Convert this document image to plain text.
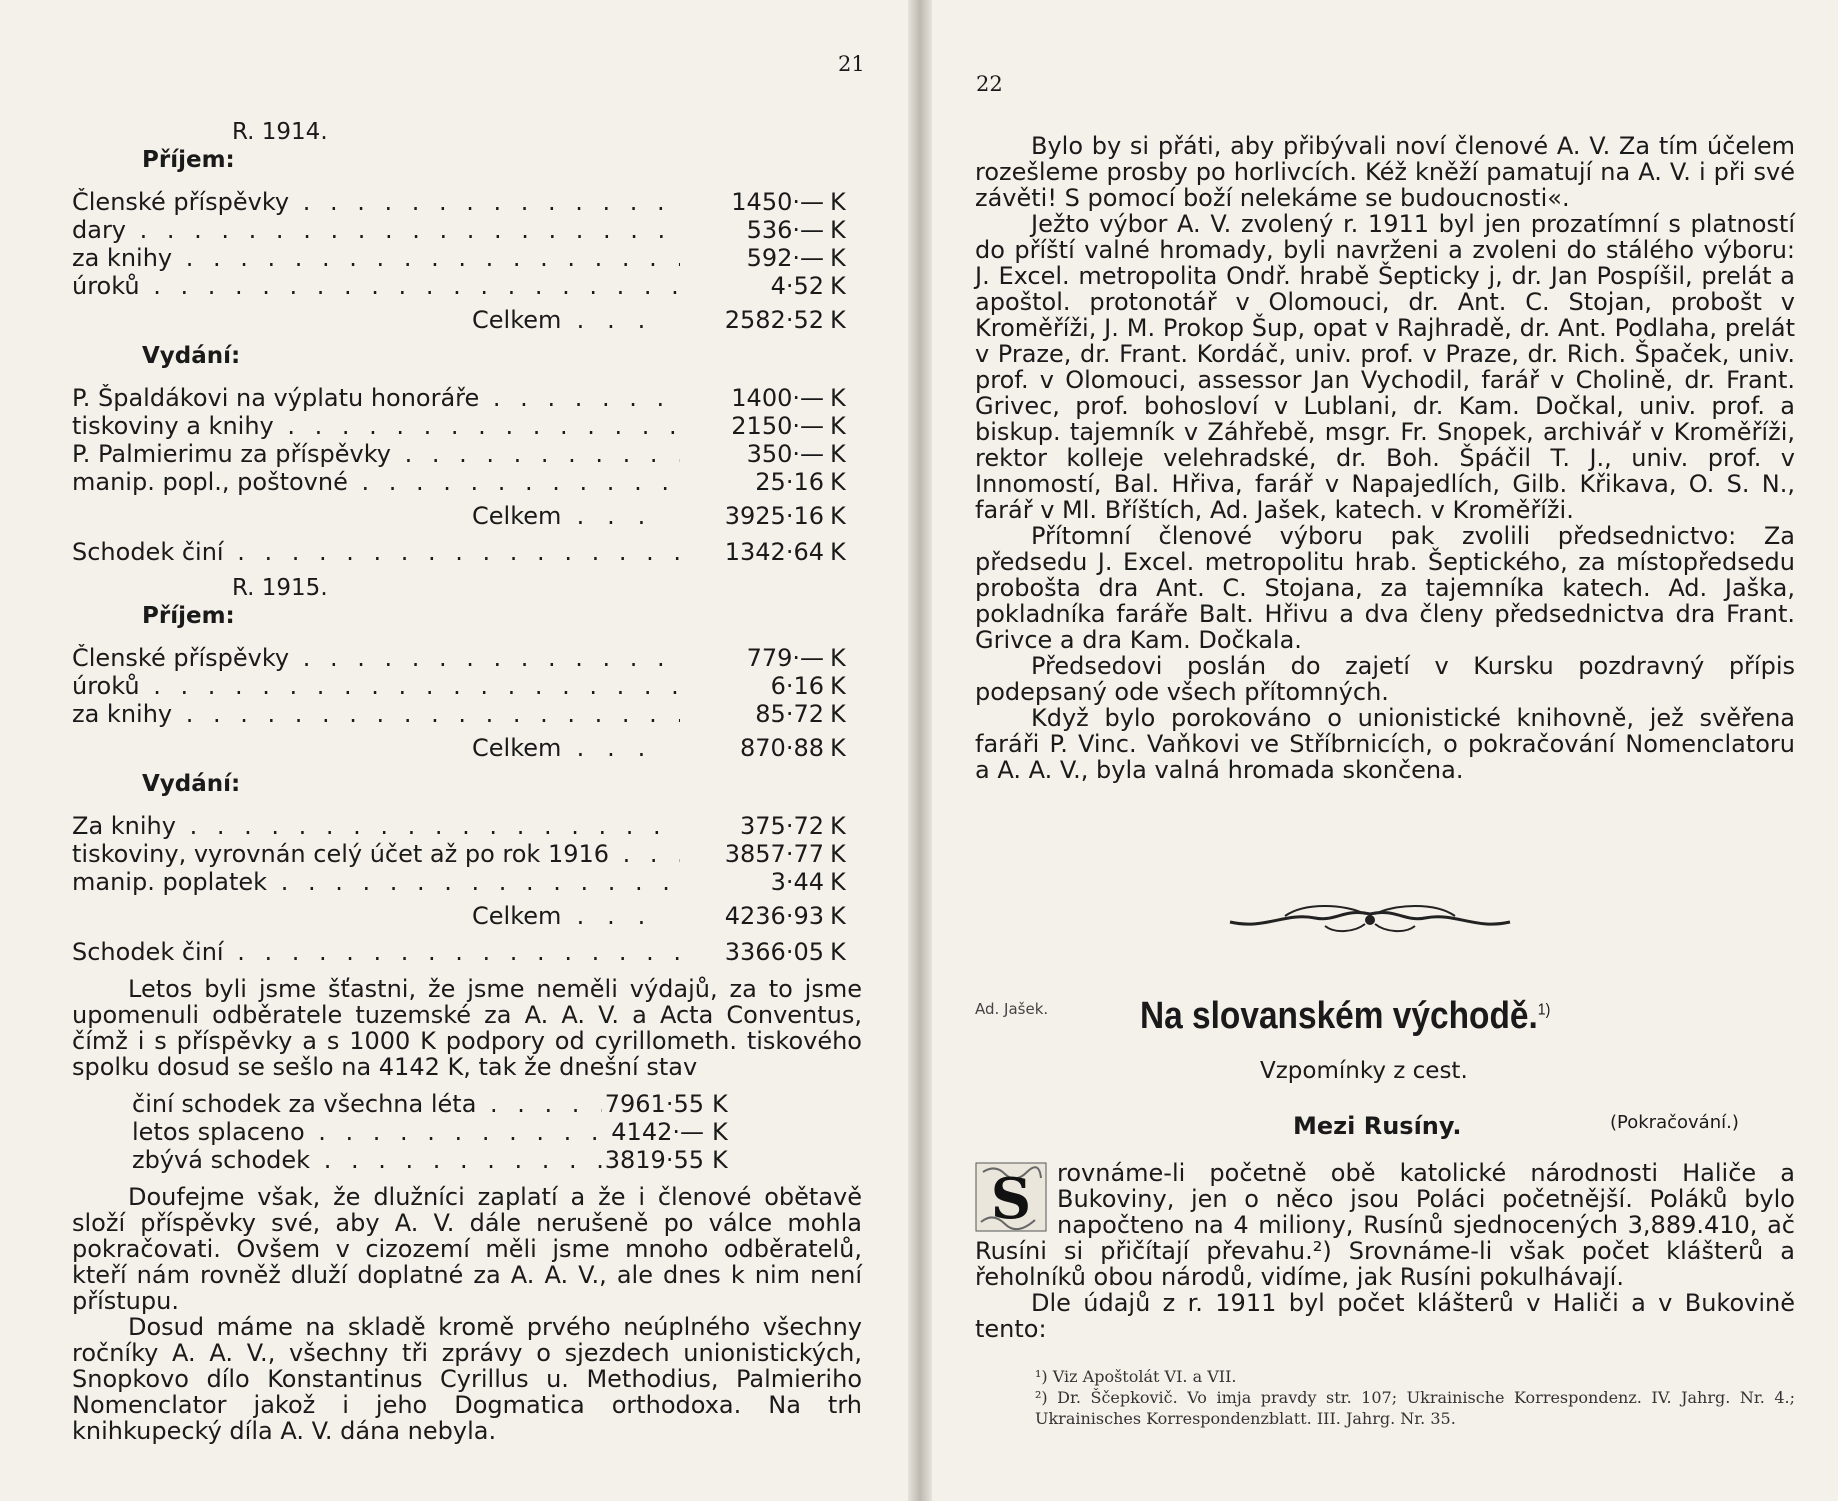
21
R. 1914.
Příjem:
Členské příspěvky . . .	1450·— K
dary . . .	536·— K
za knihy . . .	592·— K
úroků . . .	4·52 K
Celkem . .	2582·52 K
Vydání:
P. Špaldákovi na výplatu honoráře . . .	1400·— K
tiskoviny a knihy . . .	2150·— K
P. Palmierimu za příspěvky . . .	350·— K
manip. popl., poštovné . . .	25·16 K
Celkem . .	3925·16 K
Schodek činí . . .	1342·64 K
R. 1915.
Příjem:
Členské příspěvky . . .	779·— K
úroků . . .	6·16 K
za knihy . . .	85·72 K
Celkem . .	870·88 K
Vydání:
Za knihy . . .	375·72 K
tiskoviny, vyrovnán celý účet až po rok 1916 . . .	3857·77 K
manip. poplatek . . .	3·44 K
Celkem . .	4236·93 K
Schodek činí . . .	3366·05 K

Letos byli jsme šťastni, že jsme neměli výdajů, za to jsme upomenuli odběratele tuzemské za A. A. V. a Acta Conventus, čímž i s příspěvky a s 1000 K podpory od cyrillometh. tiskového spolku dosud se sešlo na 4142 K, tak že dnešní stav

činí schodek za všechna léta . . .	7961·55 K
letos splaceno . . .	4142·— K
zbývá schodek . . .	3819·55 K

Doufejme však, že dlužníci zaplatí a že i členové obětavě složí příspěvky své, aby A. V. dále nerušeně po válce mohla pokračovati. Ovšem v cizozemí měli jsme mnoho odběratelů, kteří nám rovněž dluží doplatné za A. A. V., ale dnes k nim není přístupu.

Dosud máme na skladě kromě prvého neúplného všechny ročníky A. A. V., všechny tři zprávy o sjezdech unionistických, Snopkovo dílo Konstantinus Cyrillus u. Methodius, Palmieriho Nomenclator jakož i jeho Dogmatica orthodoxa. Na trh knihkupecký díla A. V. dána nebyla.

22

Bylo by si přáti, aby přibývali noví členové A. V. Za tím účelem rozešleme prosby po horlivcích. Kéž kněží pamatují na A. V. i při své závěti! S pomocí boží nelekáme se budoucnosti«.

Ježto výbor A. V. zvolený r. 1911 byl jen prozatímní s platností do příští valné hromady, byli navrženi a zvoleni do stálého výboru: J. Excel. metropolita Ondř. hrabě Šepticky j, dr. Jan Pospíšil, prelát a apoštol. protonotář v Olomouci, dr. Ant. C. Stojan, probošt v Kroměříži, J. M. Prokop Šup, opat v Rajhradě, dr. Ant. Podlaha, prelát v Praze, dr. Frant. Kordáč, univ. prof. v Praze, dr. Rich. Špaček, univ. prof. v Olomouci, assessor Jan Vychodil, farář v Cholině, dr. Frant. Grivec, prof. bohosloví v Lublani, dr. Kam. Dočkal, univ. prof. a biskup. tajemník v Záhřebě, msgr. Fr. Snopek, archivář v Kroměříži, rektor kolleje velehradské, dr. Boh. Špáčil T. J., univ. prof. v Innomostí, Bal. Hřiva, farář v Napajedlích, Gilb. Křikava, O. S. N., farář v Ml. Bříštích, Ad. Jašek, katech. v Kroměříži.

Přítomní členové výboru pak zvolili předsednictvo: Za předsedu J. Excel. metropolitu hrab. Šeptického, za místopředsedu probošta dra Ant. C. Stojana, za tajemníka katech. Ad. Jaška, pokladníka faráře Balt. Hřivu a dva členy předsednictva dra Frant. Grivce a dra Kam. Dočkala.

Předsedovi poslán do zajetí v Kursku pozdravný přípis podepsaný ode všech přítomných.

Když bylo porokováno o unionistické knihovně, jež svěřena faráři P. Vinc. Vaňkovi ve Stříbrnicích, o pokračování Nomenclatoru a A. A. V., byla valná hromada skončena.

Ad. Jašek. Na slovanském východě.$^{1)}$
Vzpomínky z cest.
Mezi Rusíny.	(Pokračování.)

S rovnáme-li početně obě katolické národnosti Haliče a Bukoviny, jen o něco jsou Poláci početnější. Poláků bylo napočteno na 4 miliony, Rusínů sjednocených 3,889.410, ač Rusíni si přičítají převahu.²) Srovnáme-li však počet klášterů a řeholníků obou národů, vidíme, jak Rusíni pokulhávají.

Dle údajů z r. 1911 byl počet klášterů v Haliči a v Bukovině tento:

¹) Viz Apoštolát VI. a VII.

²) Dr. Ščepkovič. Vo imja pravdy str. 107; Ukrainische Korrespondenz. IV. Jahrg. Nr. 4.; Ukrainisches Korrespondenzblatt. III. Jahrg. Nr. 35.
